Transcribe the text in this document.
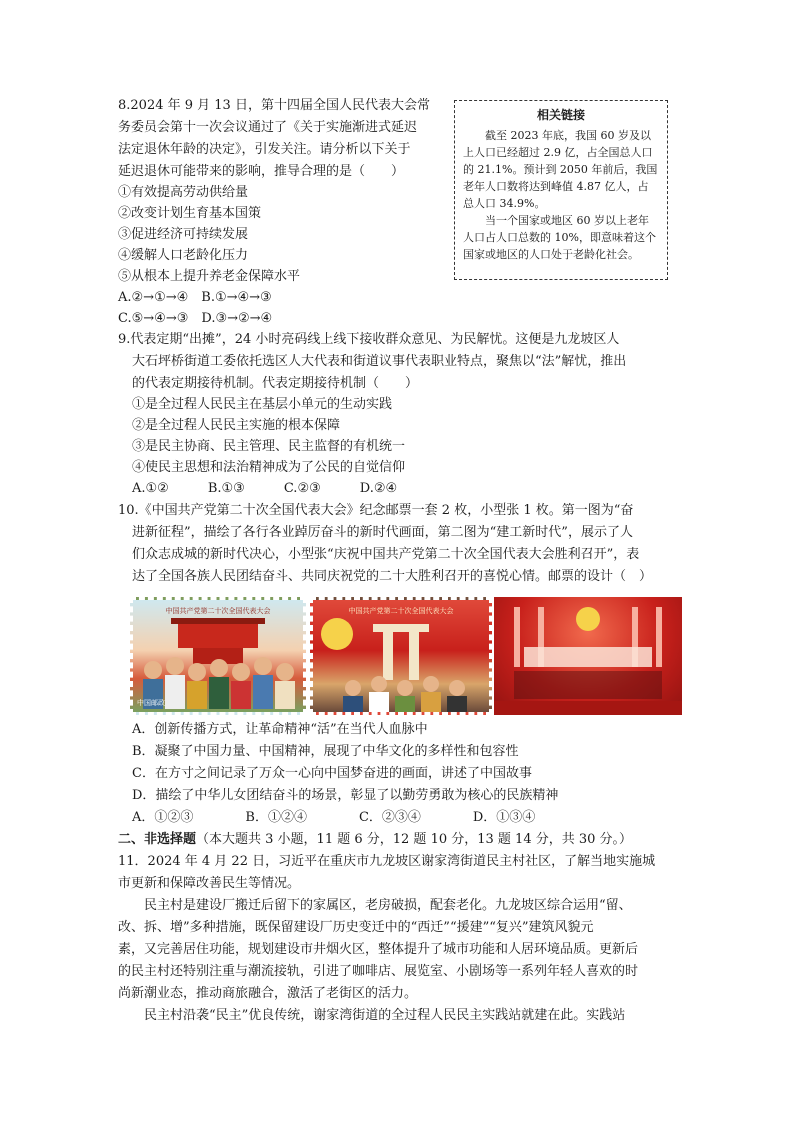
8.2024 年 9 月 13 日，第十四届全国人民代表大会常
务委员会第十一次会议通过了《关于实施渐进式延迟
法定退休年龄的决定》，引发关注。请分析以下关于
延迟退休可能带来的影响，推导合理的是（　　）
①有效提高劳动供给量
②改变计划生育基本国策
③促进经济可持续发展
④缓解人口老龄化压力
⑤从根本上提升养老金保障水平
A.②→①→④　B.①→④→③
C.⑤→④→③　D.③→②→④
相关链接

截至 2023 年底，我国 60 岁及以上人口已经超过 2.9 亿，占全国总人口的 21.1%。预计到 2050 年前后，我国老年人口数将达到峰值 4.87 亿人，占总人口 34.9%。

当一个国家或地区 60 岁以上老年人口占人口总数的 10%，即意味着这个国家或地区的人口处于老龄化社会。

9.代表定期“出摊”，24 小时亮码线上线下接收群众意见、为民解忧。这便是九龙坡区人
大石坪桥街道工委依托选区人大代表和街道议事代表职业特点，聚焦以“法”解忧，推出
的代表定期接待机制。代表定期接待机制（　　）
①是全过程人民民主在基层小单元的生动实践
②是全过程人民民主实施的根本保障
③是民主协商、民主管理、民主监督的有机统一
④使民主思想和法治精神成为了公民的自觉信仰
A.①②　　　B.①③　　　C.②③　　　D.②④
10.《中国共产党第二十次全国代表大会》纪念邮票一套 2 枚，小型张 1 枚。第一图为“奋
进新征程”，描绘了各行各业踔厉奋斗的新时代画面，第二图为“建工新时代”，展示了人
们众志成城的新时代决心，小型张“庆祝中国共产党第二十次全国代表大会胜利召开”，表
达了全国各族人民团结奋斗、共同庆祝党的二十大胜利召开的喜悦心情。邮票的设计（　）
中国共产党第二十次全国代表大会
中国邮政
中国共产党第二十次全国代表大会
A．创新传播方式，让革命精神“活”在当代人血脉中
B．凝聚了中国力量、中国精神，展现了中华文化的多样性和包容性
C．在方寸之间记录了万众一心向中国梦奋进的画面，讲述了中国故事
D．描绘了中华儿女团结奋斗的场景，彰显了以勤劳勇敢为核心的民族精神
A．①②③　　　　B．①②④　　　　C．②③④　　　　D．①③④
二、非选择题（本大题共 3 小题，11 题 6 分，12 题 10 分，13 题 14 分，共 30 分。）
11．2024 年 4 月 22 日，习近平在重庆市九龙坡区谢家湾街道民主村社区，了解当地实施城
市更新和保障改善民生等情况。
　　民主村是建设厂搬迁后留下的家属区，老房破损，配套老化。九龙坡区综合运用“留、
改、拆、增”多种措施，既保留建设厂历史变迁中的“西迁”“援建”“复兴”建筑风貌元
素，又完善居住功能，规划建设市井烟火区，整体提升了城市功能和人居环境品质。更新后
的民主村还特别注重与潮流接轨，引进了咖啡店、展览室、小剧场等一系列年轻人喜欢的时
尚新潮业态，推动商旅融合，激活了老街区的活力。
　　民主村沿袭“民主”优良传统，谢家湾街道的全过程人民民主实践站就建在此。实践站
